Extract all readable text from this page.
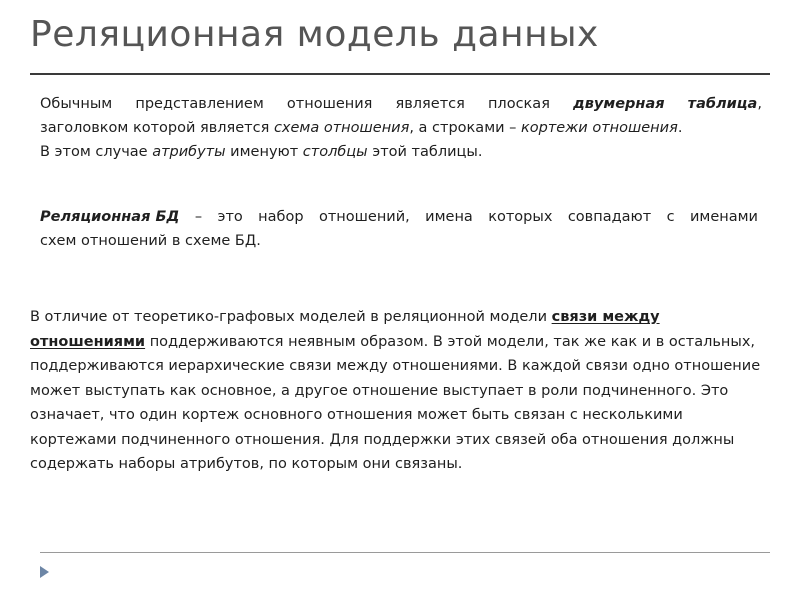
Реляционная модель данных
Обычным представлением отношения является плоская двумерная таблица,
заголовком которой является схема отношения, а строками – кортежи отношения.
В этом случае атрибуты именуют столбцы этой таблицы.
Реляционная БД – это набор отношений, имена которых совпадают с именами
схем отношений в схеме БД.

В отличие от теоретико-графовых моделей в реляционной модели связи между отношениями поддерживаются неявным образом. В этой модели, так же как и в остальных, поддерживаются иерархические связи между отношениями. В каждой связи одно отношение может выступать как основное, а другое отношение выступает в роли подчиненного. Это означает, что один кортеж основного отношения может быть связан с несколькими кортежами подчиненного отношения. Для поддержки этих связей оба отношения должны содержать наборы атрибутов, по которым они связаны.
